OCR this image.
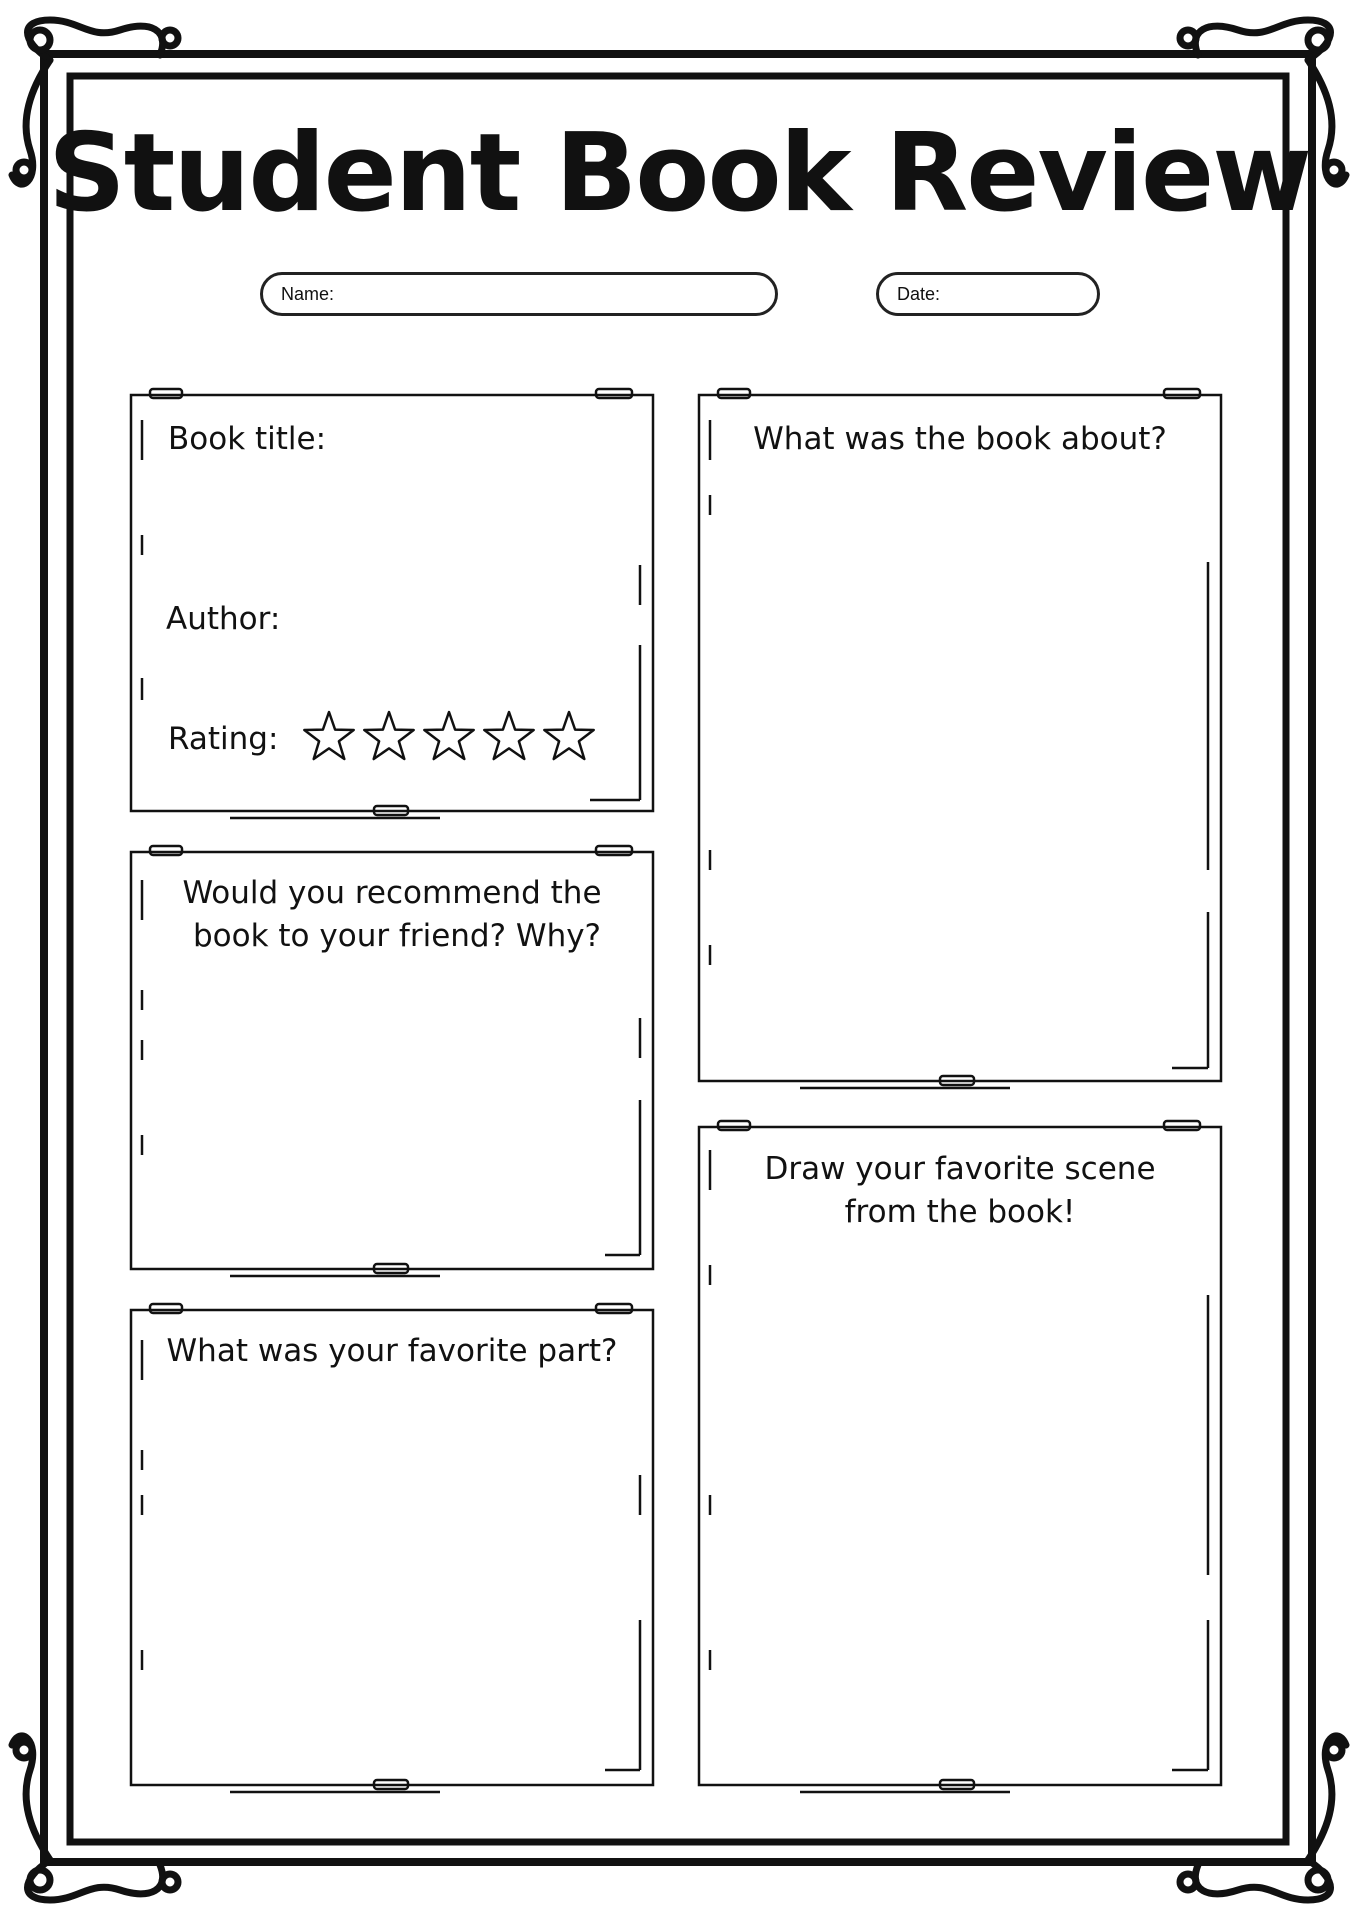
Student Book Review
Name:	Date:
Book title:
Author:
Rating:
What was the book about?
Would you recommend the
book to your friend? Why?
What was your favorite part?
Draw your favorite scene
from the book!
